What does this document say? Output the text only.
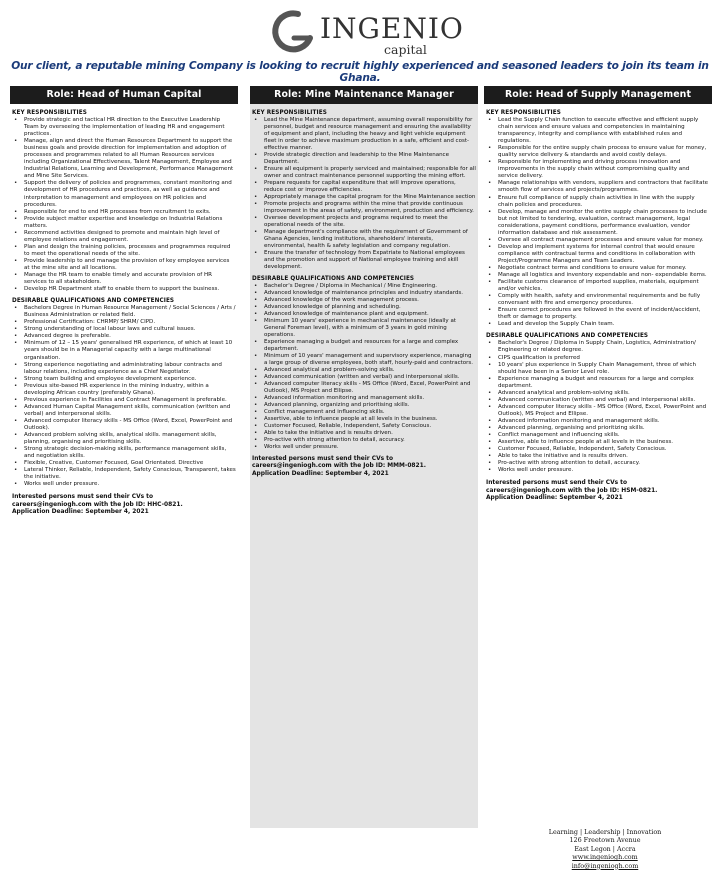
INGENIO
capital
Our client, a reputable mining Company is looking to recruit highly experienced and seasoned leaders to join its team in Ghana.
Role: Head of Human Capital
KEY RESPONSIBILITIES
• Provide strategic and tactical HR direction to the Executive Leadership Team by overseeing the implementation of leading HR and engagement practices.
• Manage, align and direct the Human Resources Department to support the business goals and provide direction for implementation and adoption of processes and programmes related to all Human Resources services including Organizational Effectiveness, Talent Management, Employee and Industrial Relations, Learning and Development, Performance Management and Mine Site Services.
• Support the delivery of policies and programmes, constant monitoring and development of HR procedures and practices, as well as guidance and interpretation to management and employees on HR policies and procedures.
• Responsible for end to end HR processes from recruitment to exits.
• Provide subject matter expertise and knowledge on Industrial Relations matters.
• Recommend activities designed to promote and maintain high level of employee relations and engagement.
• Plan and design the training policies, processes and programmes required to meet the operational needs of the site.
• Provide leadership to and manage the provision of key employee services at the mine site and all locations.
• Manage the HR team to enable timely and accurate provision of HR services to all stakeholders.
• Develop HR Department staff to enable them to support the business.
DESIRABLE QUALIFICATIONS AND COMPETENCIES
• Bachelors Degree in Human Resource Management / Social Sciences / Arts / Business Administration or related field.
• Professional Certification: CHRMP/ SHRM/ CIPD.
• Strong understanding of local labour laws and cultural issues.
• Advanced degree is preferable.
• Minimum of 12 – 15 years' generalised HR experience, of which at least 10 years should be in a Managerial capacity with a large multinational organisation.
• Strong experience negotiating and administrating labour contracts and labour relations, including experience as a Chief Negotiator.
• Strong team building and employee development experience.
• Previous site-based HR experience in the mining industry, within a developing African country (preferably Ghana).
• Previous experience in Facilities and Contract Management is preferable.
• Advanced Human Capital Management skills, communication (written and verbal) and interpersonal skills.
• Advanced computer literacy skills - MS Office (Word, Excel, PowerPoint and Outlook).
• Advanced problem solving skills, analytical skills. management skills, planning, organising and prioritising skills.
• Strong strategic decision-making skills, performance management skills, and negotiation skills.
• Flexible, Creative, Customer Focused, Goal Orientated. Directive
• Lateral Thinker, Reliable, Independent, Safety Conscious, Transparent, takes the initiative.
• Works well under pressure.
Interested persons must send their CVs to
careers@ingeniogh.com with the Job ID: HHC-0821.
Application Deadline: September 4, 2021
Role: Mine Maintenance Manager
KEY RESPONSIBILITIES
• Lead the Mine Maintenance department, assuming overall responsibility for personnel, budget and resource management and ensuring the availability of equipment and plant, including the heavy and light vehicle equipment fleet in order to achieve maximum production in a safe, efficient and cost-effective manner.
• Provide strategic direction and leadership to the Mine Maintenance Department.
• Ensure all equipment is properly serviced and maintained; responsible for all owner and contract maintenance personnel supporting the mining effort.
• Prepare requests for capital expenditure that will improve operations, reduce cost or improve efficiencies.
• Appropriately manage the capital program for the Mine Maintenance section
• Promote projects and programs within the mine that provide continuous improvement in the areas of safety, environment, production and efficiency.
• Oversee development projects and programs required to meet the operational needs of the site.
• Manage department's compliance with the requirement of Government of Ghana Agencies, lending institutions, shareholders' interests, environmental, health & safety legislation and company regulation.
• Ensure the transfer of technology from Expatriate to National employees and the promotion and support of National employee training and skill development.
DESIRABLE QUALIFICATIONS AND COMPETENCIES
• Bachelor's Degree / Diploma in Mechanical / Mine Engineering.
• Advanced knowledge of maintenance principles and industry standards.
• Advanced knowledge of the work management process.
• Advanced knowledge of planning and scheduling.
• Advanced knowledge of maintenance plant and equipment.
• Minimum 10 years' experience in mechanical maintenance (ideally at General Foreman level), with a minimum of 3 years in gold mining operations.
• Experience managing a budget and resources for a large and complex department.
• Minimum of 10 years' management and supervisory experience, managing a large group of diverse employees, both staff, hourly-paid and contractors.
• Advanced analytical and problem-solving skills.
• Advanced communication (written and verbal) and interpersonal skills.
• Advanced computer literacy skills - MS Office (Word, Excel, PowerPoint and Outlook), MS Project and Ellipse.
• Advanced information monitoring and management skills.
• Advanced planning, organizing and prioritising skills.
• Conflict management and influencing skills.
• Assertive, able to influence people at all levels in the business.
• Customer Focused, Reliable, Independent, Safety Conscious.
• Able to take the initiative and is results driven.
• Pro-active with strong attention to detail, accuracy.
• Works well under pressure.
Interested persons must send their CVs to
careers@ingeniogh.com with the Job ID: MMM-0821.
Application Deadline: September 4, 2021
Role: Head of Supply Management
KEY RESPONSIBILITIES
• Lead the Supply Chain function to execute effective and efficient supply chain services and ensure values and competencies in maintaining transparency, integrity and compliance with established rules and regulations.
• Responsible for the entire supply chain process to ensure value for money, quality service delivery & standards and avoid costly delays.
• Responsible for implementing and driving process innovation and improvements in the supply chain without compromising quality and service delivery.
• Manage relationships with vendors, suppliers and contractors that facilitate smooth flow of services and projects/programmes.
• Ensure full compliance of supply chain activities in line with the supply chain policies and procedures.
• Develop, manage and monitor the entire supply chain processes to include but not limited to tendering, evaluation, contract management, legal considerations, payment conditions, performance evaluation, vendor information database and risk assessment.
• Oversee all contract management processes and ensure value for money.
• Develop and implement systems for internal control that would ensure compliance with contractual terms and conditions in collaboration with Project/Programme Managers and Team Leaders.
• Negotiate contract terms and conditions to ensure value for money.
• Manage all logistics and inventory expendable and non- expendable items.
• Facilitate customs clearance of imported supplies, materials, equipment and/or vehicles.
• Comply with health, safety and environmental requirements and be fully conversant with fire and emergency procedures.
• Ensure correct procedures are followed in the event of incident/accident, theft or damage to property.
• Lead and develop the Supply Chain team.
DESIRABLE QUALIFICATIONS AND COMPETENCIES
• Bachelor's Degree / Diploma in Supply Chain, Logistics, Administration/ Engineering or related degree.
• CIPS qualification is preferred
• 10 years' plus experience in Supply Chain Management, three of which should have been in a Senior Level role.
• Experience managing a budget and resources for a large and complex department.
• Advanced analytical and problem-solving skills.
• Advanced communication (written and verbal) and interpersonal skills.
• Advanced computer literacy skills - MS Office (Word, Excel, PowerPoint and Outlook), MS Project and Ellipse.
• Advanced information monitoring and management skills.
• Advanced planning, organising and prioritizing skills.
• Conflict management and influencing skills.
• Assertive, able to influence people at all levels in the business.
• Customer Focused, Reliable, Independent, Safety Conscious.
• Able to take the initiative and is results driven.
• Pro-active with strong attention to detail, accuracy.
• Works well under pressure.
Interested persons must send their CVs to
careers@ingeniogh.com with the Job ID: HSM-0821.
Application Deadline: September 4, 2021
Learning | Leadership | Innovation
126 Freetown Avenue
East Legon | Accra
www.ingeniogh.com
info@ingeniogh.com
